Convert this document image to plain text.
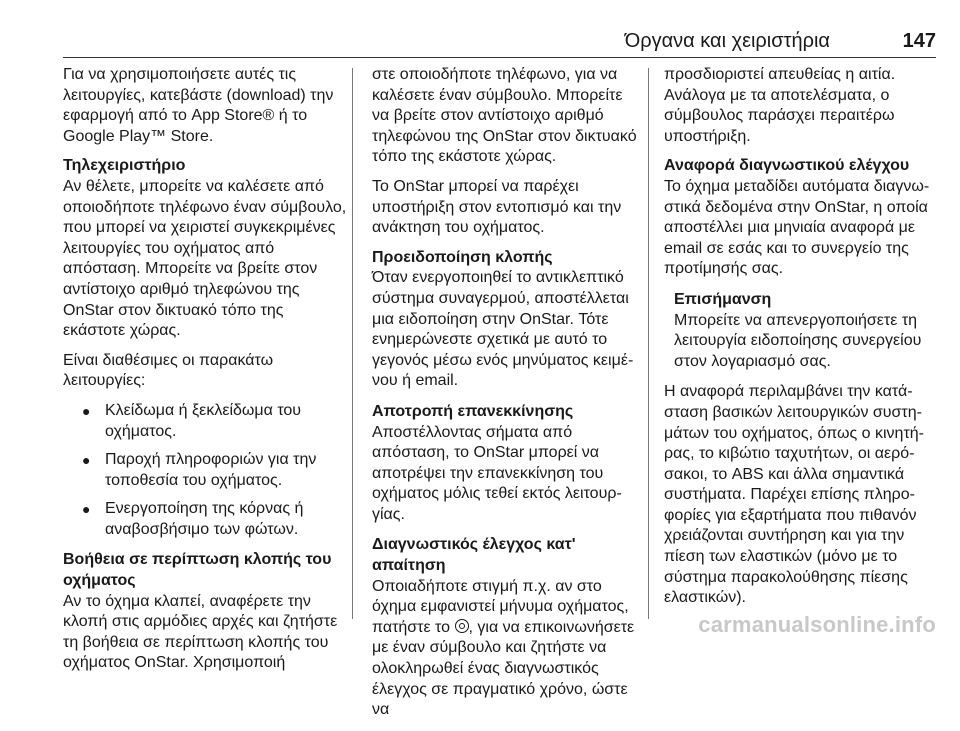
Όργανα και χειριστήρια	147

Για να χρησιμοποιήσετε αυτές τις λειτουργίες, κατεβάστε (download) την εφαρμογή από το App Store® ή το Google Play™ Store.

Τηλεχειριστήριο

Αν θέλετε, μπορείτε να καλέσετε από οποιοδήποτε τηλέφωνο έναν σύμβουλο, που μπορεί να χειριστεί συγκεκριμένες λειτουργίες του οχήματος από απόσταση. Μπορείτε να βρείτε στον αντίστοιχο αριθμό τηλεφώνου της OnStar στον δικτυακό τόπο της εκάστοτε χώρας.

Είναι διαθέσιμες οι παρακάτω λειτουργίες:

● Κλείδωμα ή ξεκλείδωμα του οχήματος.
● Παροχή πληροφοριών για την τοποθεσία του οχήματος.
● Ενεργοποίηση της κόρνας ή αναβοσβήσιμο των φώτων.
Βοήθεια σε περίπτωση κλοπής του οχήματος

Αν το όχημα κλαπεί, αναφέρετε την κλοπή στις αρμόδιες αρχές και ζητήστε τη βοήθεια σε περίπτωση κλοπής του οχήματος OnStar. Χρησιμοποιή

στε οποιοδήποτε τηλέφωνο, για να καλέσετε έναν σύμβουλο. Μπορείτε να βρείτε στον αντίστοιχο αριθμό τηλεφώνου της OnStar στον δικτυακό τόπο της εκάστοτε χώρας.

Το OnStar μπορεί να παρέχει υποστήριξη στον εντοπισμό και την ανάκτηση του οχήματος.

Προειδοποίηση κλοπής

Όταν ενεργοποιηθεί το αντικλεπτικό σύστημα συναγερμού, αποστέλλεται μια ειδοποίηση στην OnStar. Τότε ενημερώνεστε σχετικά με αυτό το γεγονός μέσω ενός μηνύματος κειμένου ή email.

Αποτροπή επανεκκίνησης

Αποστέλλοντας σήματα από απόσταση, το OnStar μπορεί να αποτρέψει την επανεκκίνηση του οχήματος μόλις τεθεί εκτός λειτουργίας.

Διαγνωστικός έλεγχος κατ' απαίτηση

Οποιαδήποτε στιγμή π.χ. αν στο όχημα εμφανιστεί μήνυμα οχήματος, πατήστε το , για να επικοινωνήσετε με έναν σύμβουλο και ζητήστε να ολοκληρωθεί ένας διαγνωστικός έλεγχος σε πραγματικό χρόνο, ώστε να

προσδιοριστεί απευθείας η αιτία. Ανάλογα με τα αποτελέσματα, ο σύμβουλος παράσχει περαιτέρω υποστήριξη.

Αναφορά διαγνωστικού ελέγχου

Το όχημα μεταδίδει αυτόματα διαγνωστικά δεδομένα στην OnStar, η οποία αποστέλλει μια μηνιαία αναφορά με email σε εσάς και το συνεργείο της προτίμησής σας.

Επισήμανση

Μπορείτε να απενεργοποιήσετε τη λειτουργία ειδοποίησης συνεργείου στον λογαριασμό σας.

Η αναφορά περιλαμβάνει την κατάσταση βασικών λειτουργικών συστημάτων του οχήματος, όπως ο κινητήρας, το κιβώτιο ταχυτήτων, οι αερόσακοι, το ABS και άλλα σημαντικά συστήματα. Παρέχει επίσης πληροφορίες για εξαρτήματα που πιθανόν χρειάζονται συντήρηση και για την πίεση των ελαστικών (μόνο με το σύστημα παρακολούθησης πίεσης ελαστικών).

carmanualsonline.info
